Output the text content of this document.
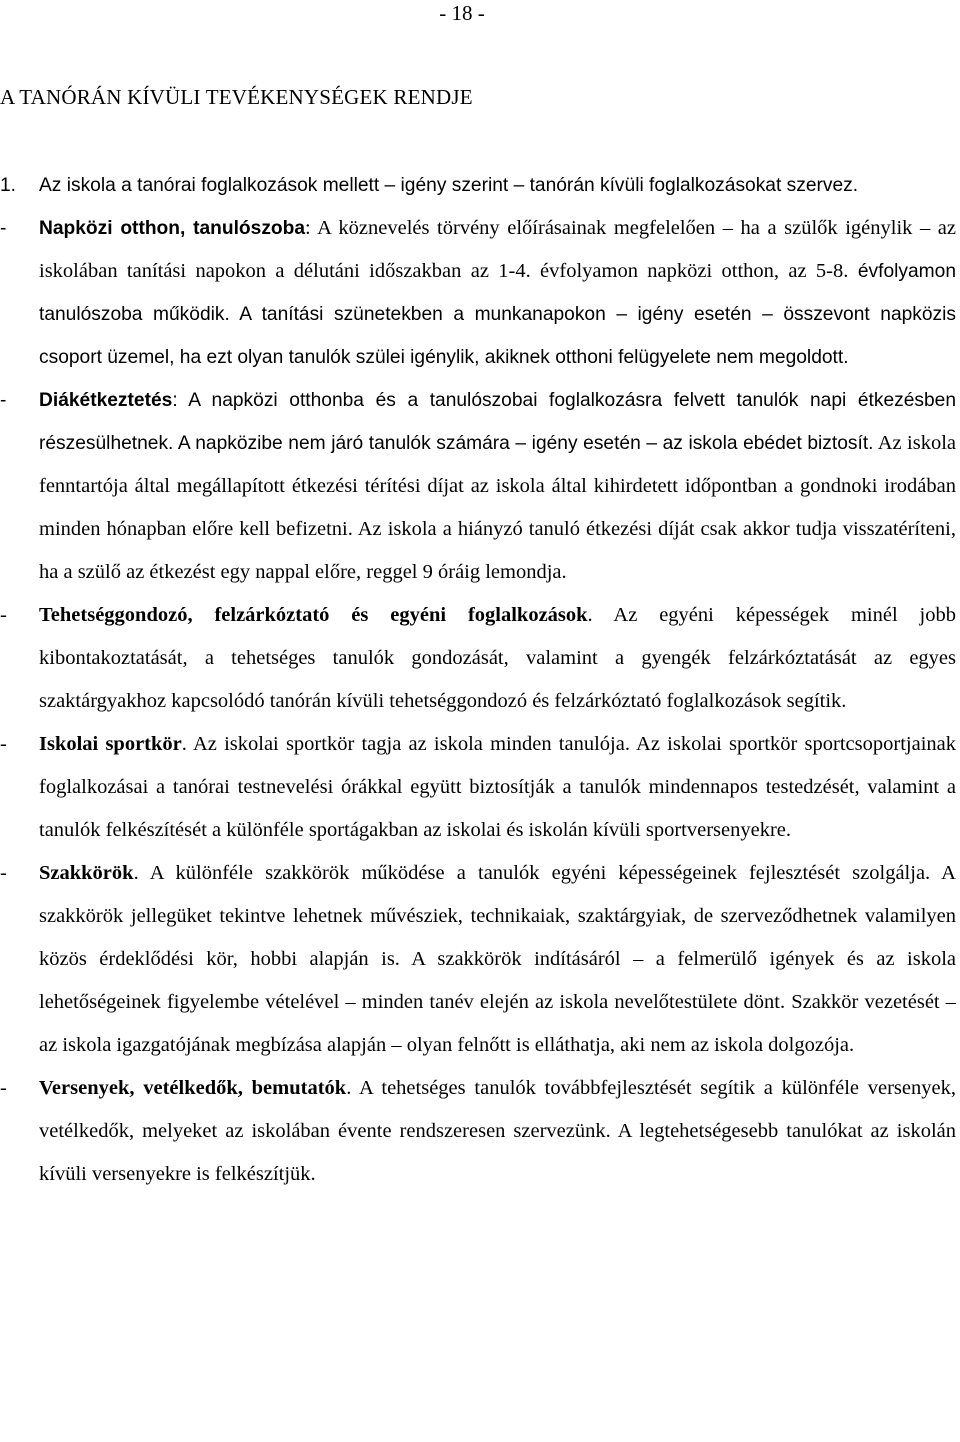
- 18 -
A TANÓRÁN KÍVÜLI TEVÉKENYSÉGEK RENDJE

1.	Az iskola a tanórai foglalkozások mellett – igény szerint – tanórán kívüli foglalkozásokat szervez.

-	Napközi otthon, tanulószoba: A köznevelés törvény előírásainak megfelelően – ha a szülők igénylik – az iskolában tanítási napokon a délutáni időszakban az 1-4. évfolyamon napközi otthon, az 5-8. évfolyamon tanulószoba működik. A tanítási szünetekben a munkanapokon – igény esetén – összevont napközis csoport üzemel, ha ezt olyan tanulók szülei igénylik, akiknek otthoni felügyelete nem megoldott.

-	Diákétkeztetés: A napközi otthonba és a tanulószobai foglalkozásra felvett tanulók napi étkezésben részesülhetnek. A napközibe nem járó tanulók számára – igény esetén – az iskola ebédet biztosít. Az iskola fenntartója által megállapított étkezési térítési díjat az iskola által kihirdetett időpontban a gondnoki irodában minden hónapban előre kell befizetni. Az iskola a hiányzó tanuló étkezési díját csak akkor tudja visszatéríteni, ha a szülő az étkezést egy nappal előre, reggel 9 óráig lemondja.

-	Tehetséggondozó, felzárkóztató és egyéni foglalkozások. Az egyéni képességek minél jobb kibontakoztatását, a tehetséges tanulók gondozását, valamint a gyengék felzárkóztatását az egyes szaktárgyakhoz kapcsolódó tanórán kívüli tehetséggondozó és felzárkóztató foglalkozások segítik.

-	Iskolai sportkör. Az iskolai sportkör tagja az iskola minden tanulója. Az iskolai sportkör sportcsoportjainak foglalkozásai a tanórai testnevelési órákkal együtt biztosítják a tanulók mindennapos testedzését, valamint a tanulók felkészítését a különféle sportágakban az iskolai és iskolán kívüli sportversenyekre.

-	Szakkörök. A különféle szakkörök működése a tanulók egyéni képességeinek fejlesztését szolgálja. A szakkörök jellegüket tekintve lehetnek művésziek, technikaiak, szaktárgyiak, de szerveződhetnek valamilyen közös érdeklődési kör, hobbi alapján is. A szakkörök indításáról – a felmerülő igények és az iskola lehetőségeinek figyelembe vételével – minden tanév elején az iskola nevelőtestülete dönt. Szakkör vezetését – az iskola igazgatójának megbízása alapján – olyan felnőtt is elláthatja, aki nem az iskola dolgozója.

-	Versenyek, vetélkedők, bemutatók. A tehetséges tanulók továbbfejlesztését segítik a különféle versenyek, vetélkedők, melyeket az iskolában évente rendszeresen szervezünk. A legtehetségesebb tanulókat az iskolán kívüli versenyekre is felkészítjük.
